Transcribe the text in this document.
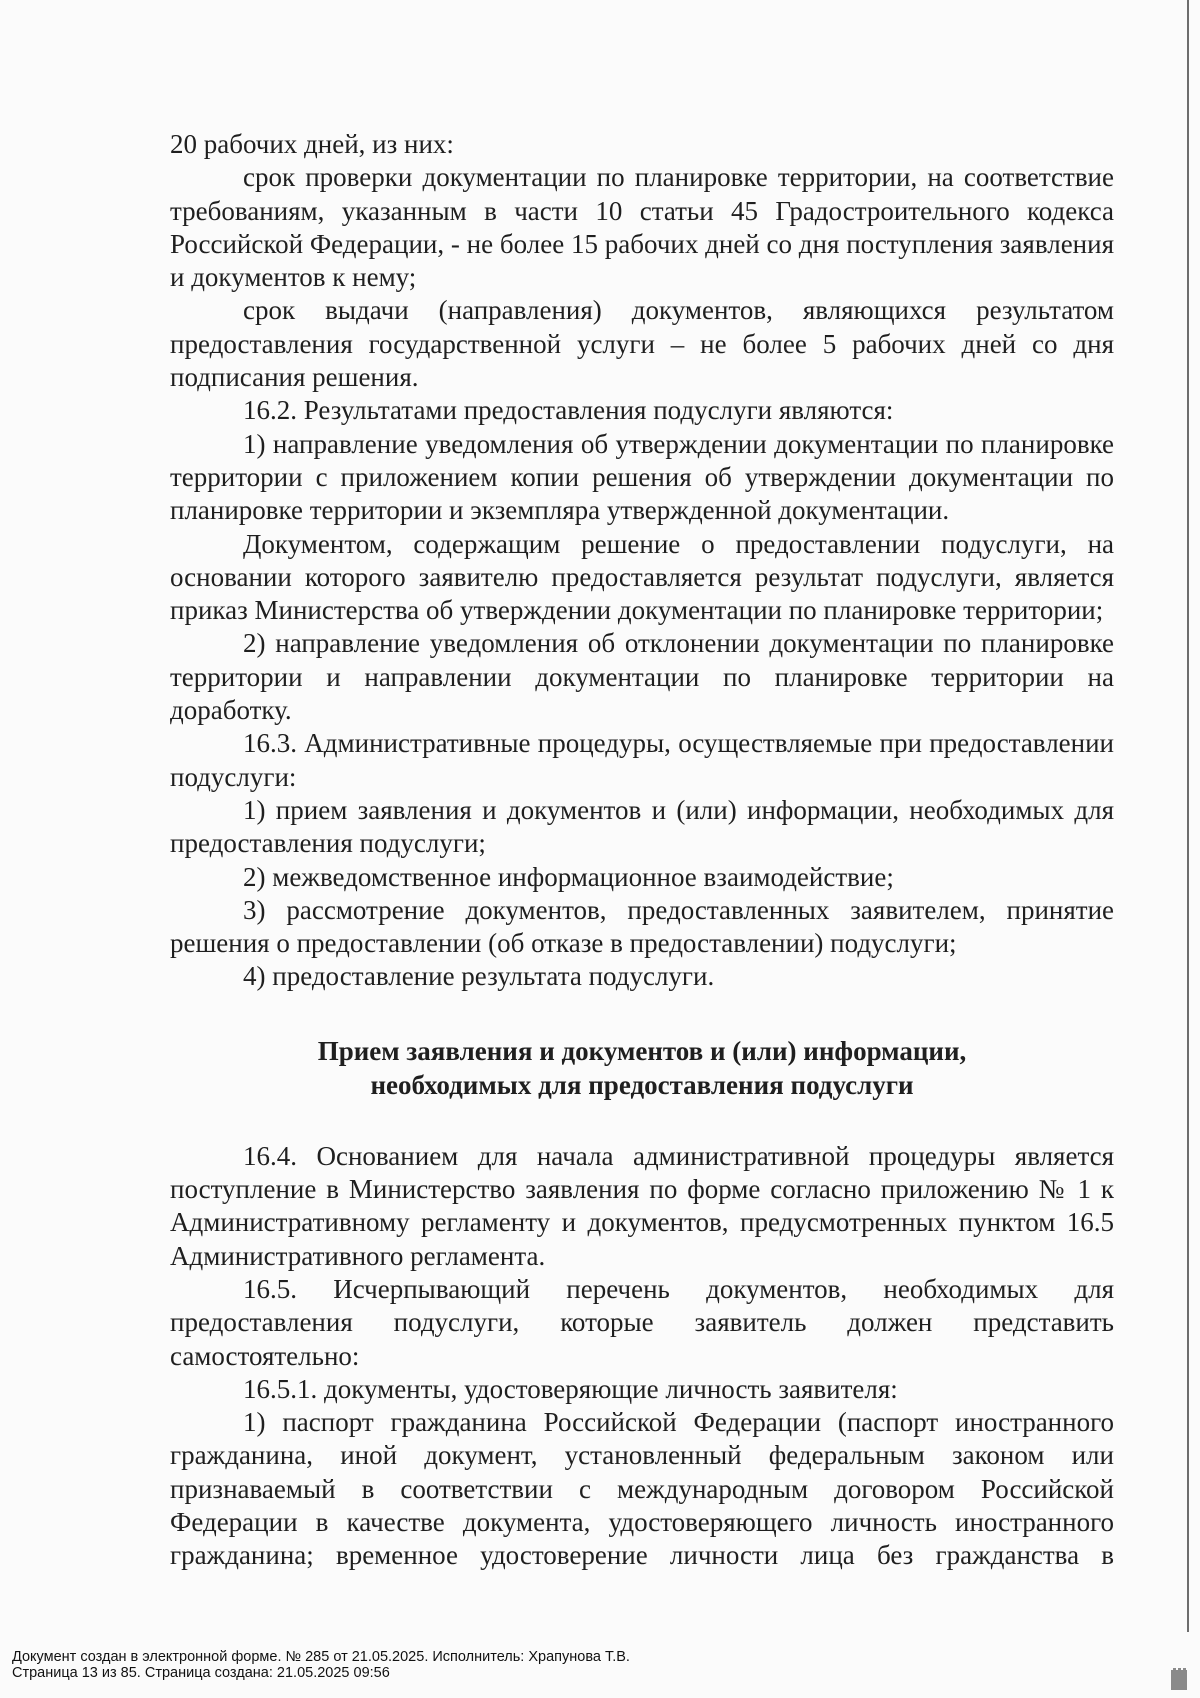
20 рабочих дней, из них:

срок проверки документации по планировке территории, на соответствие требованиям, указанным в части 10 статьи 45 Градостроительного кодекса Российской Федерации, - не более 15 рабочих дней со дня поступления заявления и документов к нему;

срок выдачи (направления) документов, являющихся результатом предоставления государственной услуги – не более 5 рабочих дней со дня подписания решения.

16.2. Результатами предоставления подуслуги являются:

1) направление уведомления об утверждении документации по планировке территории с приложением копии решения об утверждении документации по планировке территории и экземпляра утвержденной документации.

Документом, содержащим решение о предоставлении подуслуги, на основании которого заявителю предоставляется результат подуслуги, является приказ Министерства об утверждении документации по планировке территории;

2) направление уведомления об отклонении документации по планировке территории и направлении документации по планировке территории на доработку.

16.3. Административные процедуры, осуществляемые при предоставлении подуслуги:

1) прием заявления и документов и (или) информации, необходимых для предоставления подуслуги;

2) межведомственное информационное взаимодействие;

3) рассмотрение документов, предоставленных заявителем, принятие решения о предоставлении (об отказе в предоставлении) подуслуги;

4) предоставление результата подуслуги.

Прием заявления и документов и (или) информации,
необходимых для предоставления подуслуги

16.4. Основанием для начала административной процедуры является поступление в Министерство заявления по форме согласно приложению № 1 к Административному регламенту и документов, предусмотренных пунктом 16.5 Административного регламента.

16.5. Исчерпывающий перечень документов, необходимых для предоставления подуслуги, которые заявитель должен представить самостоятельно:

16.5.1. документы, удостоверяющие личность заявителя:

1) паспорт гражданина Российской Федерации (паспорт иностранного гражданина, иной документ, установленный федеральным законом или признаваемый в соответствии с международным договором Российской Федерации в качестве документа, удостоверяющего личность иностранного гражданина; временное удостоверение личности лица без гражданства в

Документ создан в электронной форме. № 285 от 21.05.2025. Исполнитель: Храпунова Т.В.
Страница 13 из 85. Страница создана: 21.05.2025 09:56
